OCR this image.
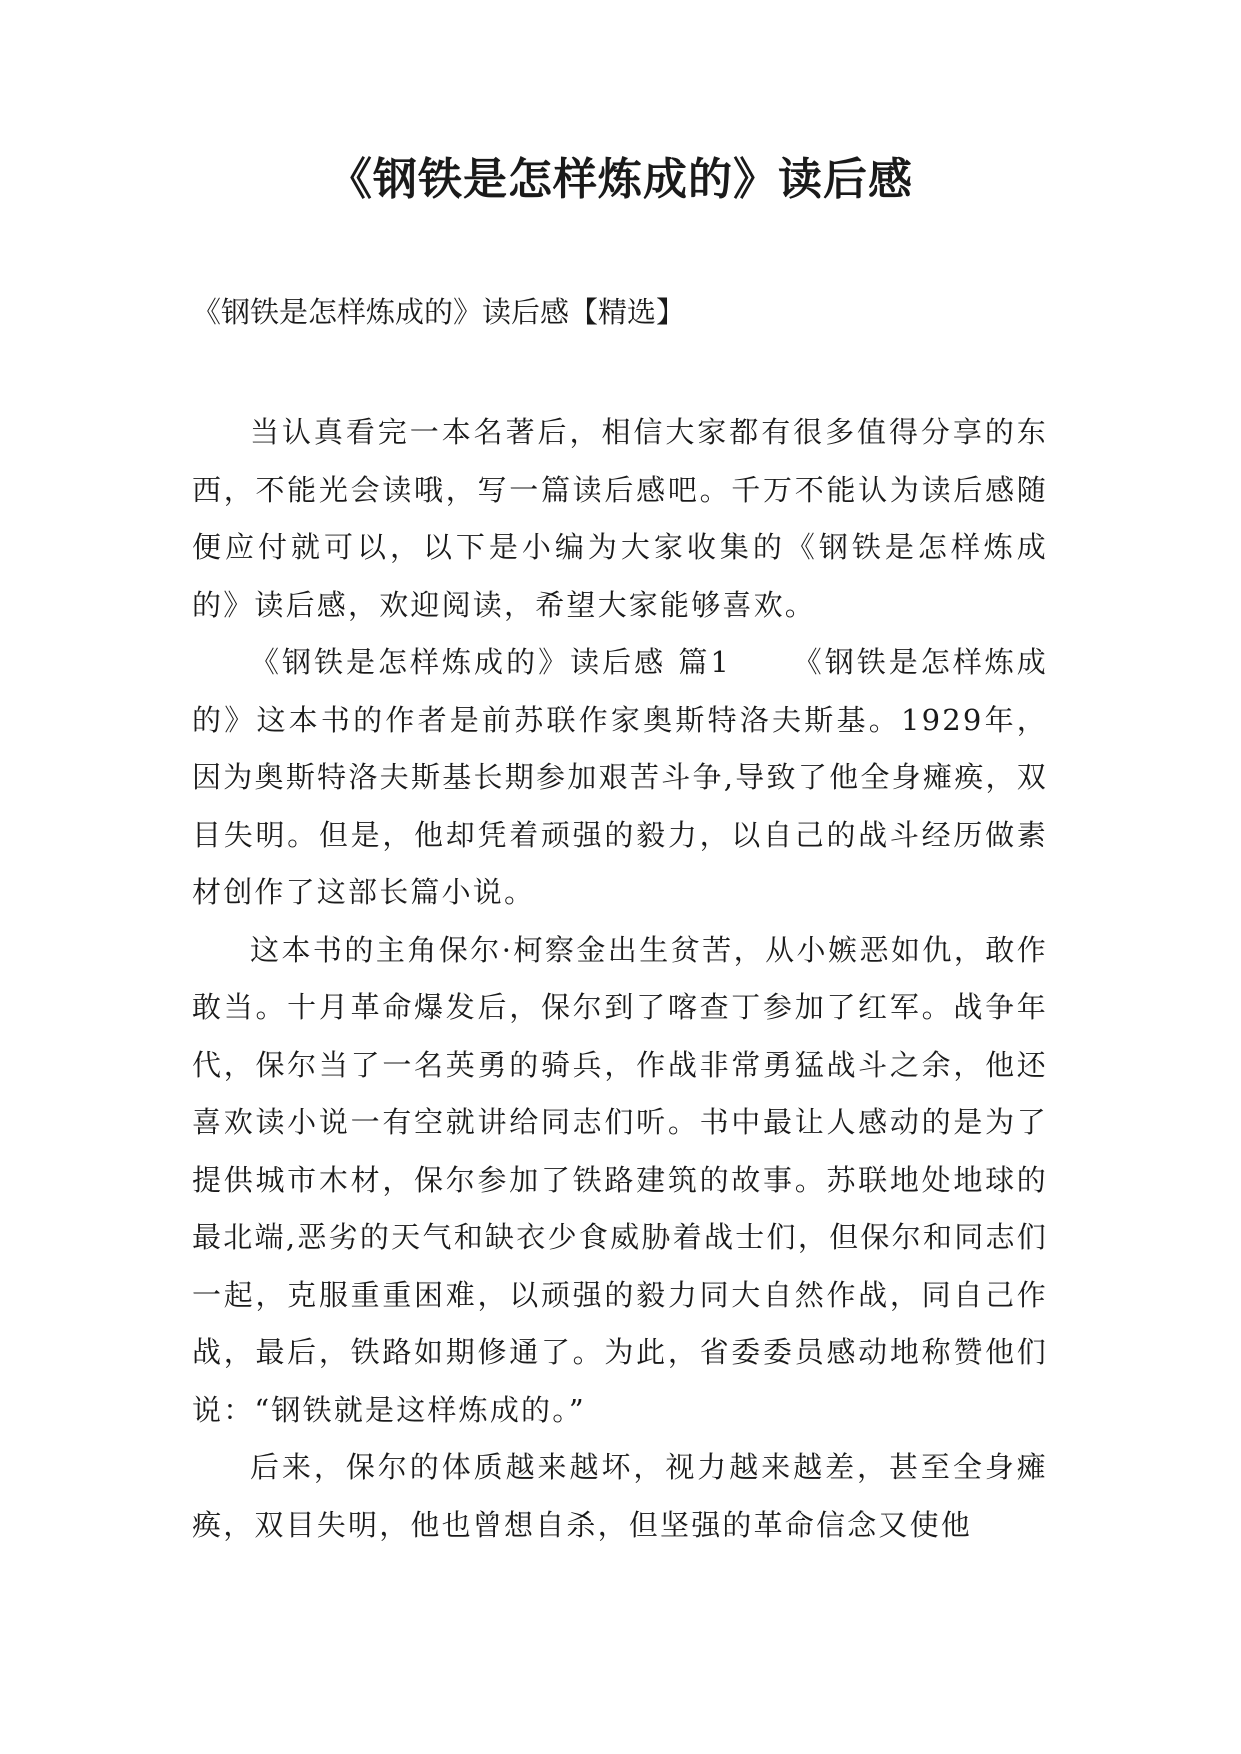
《钢铁是怎样炼成的》读后感

《钢铁是怎样炼成的》读后感【精选】

当认真看完一本名著后，相信大家都有很多值得分享的东西，不能光会读哦，写一篇读后感吧。千万不能认为读后感随便应付就可以，以下是小编为大家收集的《钢铁是怎样炼成的》读后感，欢迎阅读，希望大家能够喜欢。

《钢铁是怎样炼成的》读后感 篇1 　　《钢铁是怎样炼成的》这本书的作者是前苏联作家奥斯特洛夫斯基。1929年，因为奥斯特洛夫斯基长期参加艰苦斗争,导致了他全身瘫痪，双目失明。但是，他却凭着顽强的毅力，以自己的战斗经历做素材创作了这部长篇小说。

这本书的主角保尔·柯察金出生贫苦，从小嫉恶如仇，敢作敢当。十月革命爆发后，保尔到了喀查丁参加了红军。战争年代，保尔当了一名英勇的骑兵，作战非常勇猛战斗之余，他还喜欢读小说一有空就讲给同志们听。书中最让人感动的是为了提供城市木材，保尔参加了铁路建筑的故事。苏联地处地球的最北端,恶劣的天气和缺衣少食威胁着战士们，但保尔和同志们一起，克服重重困难，以顽强的毅力同大自然作战，同自己作战，最后，铁路如期修通了。为此，省委委员感动地称赞他们说：“钢铁就是这样炼成的。”

后来，保尔的体质越来越坏，视力越来越差，甚至全身瘫痪，双目失明，他也曾想自杀，但坚强的革命信念又使他
